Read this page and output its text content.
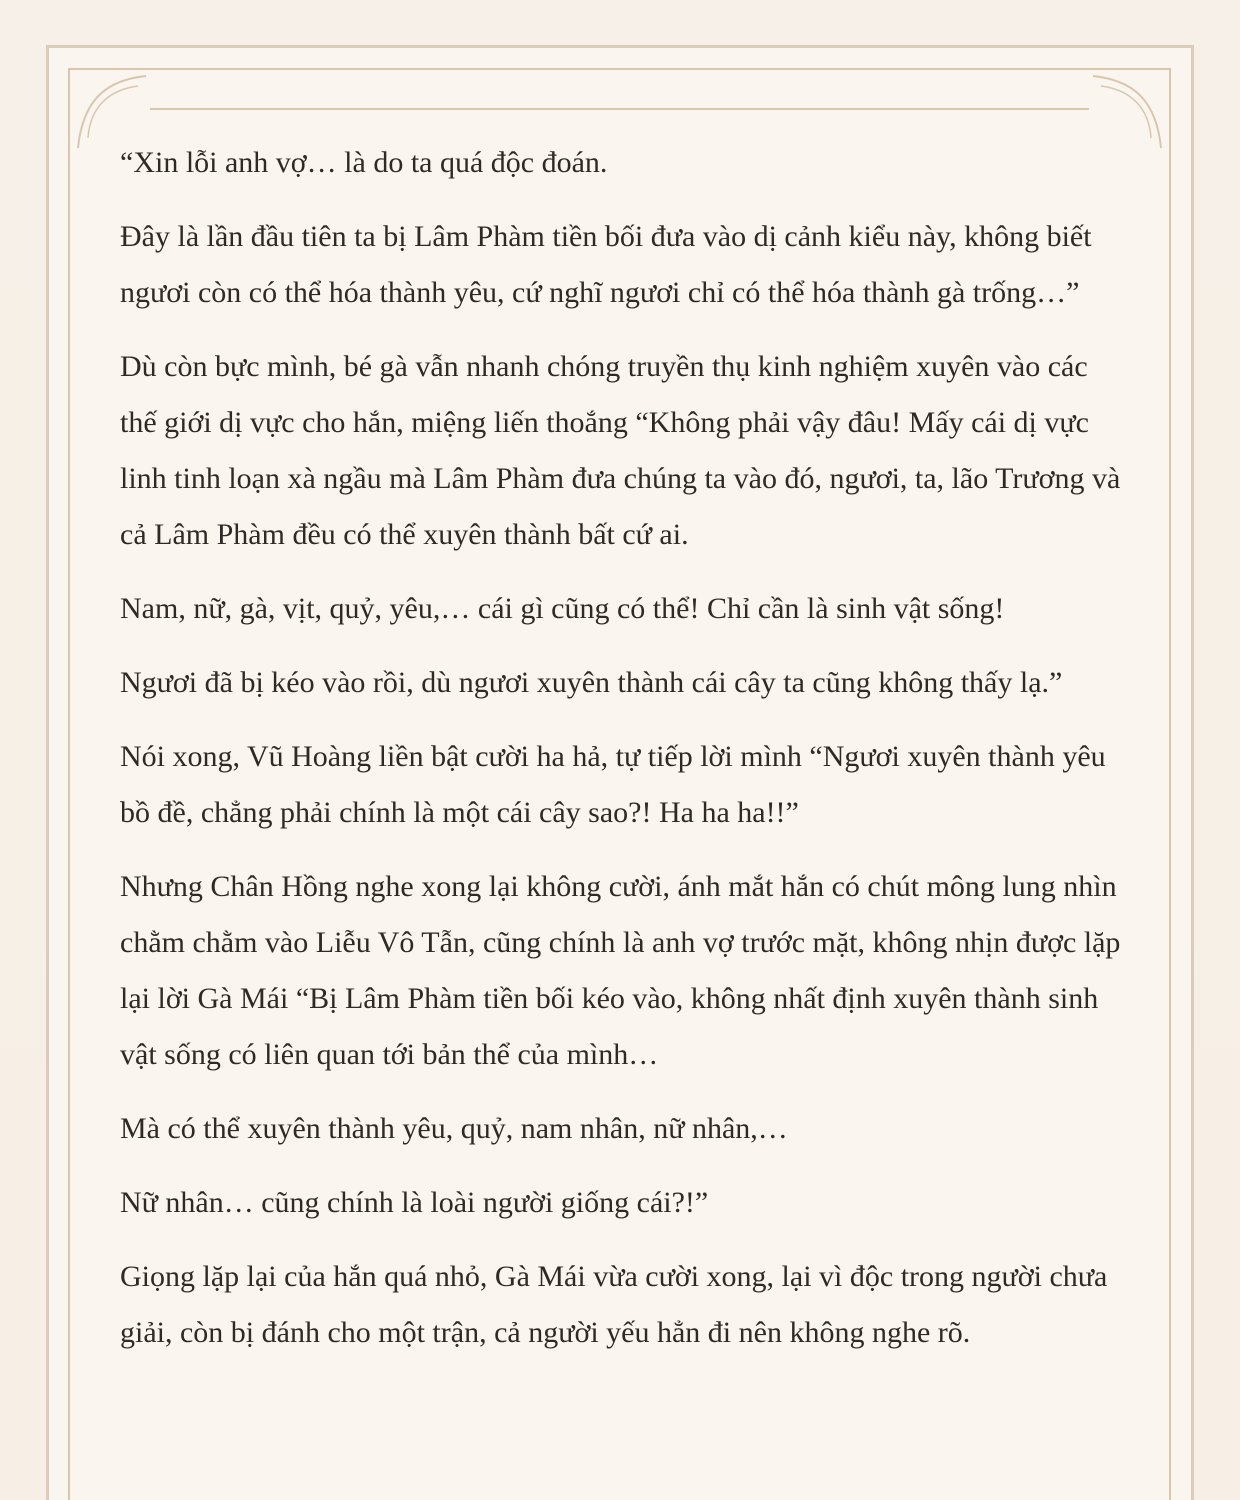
“Xin lỗi anh vợ… là do ta quá độc đoán.

Đây là lần đầu tiên ta bị Lâm Phàm tiền bối đưa vào dị cảnh kiểu này, không biết ngươi còn có thể hóa thành yêu, cứ nghĩ ngươi chỉ có thể hóa thành gà trống…”

Dù còn bực mình, bé gà vẫn nhanh chóng truyền thụ kinh nghiệm xuyên vào các thế giới dị vực cho hắn, miệng liến thoắng “Không phải vậy đâu! Mấy cái dị vực linh tinh loạn xà ngầu mà Lâm Phàm đưa chúng ta vào đó, ngươi, ta, lão Trương và cả Lâm Phàm đều có thể xuyên thành bất cứ ai.

Nam, nữ, gà, vịt, quỷ, yêu,… cái gì cũng có thể! Chỉ cần là sinh vật sống!

Ngươi đã bị kéo vào rồi, dù ngươi xuyên thành cái cây ta cũng không thấy lạ.”

Nói xong, Vũ Hoàng liền bật cười ha hả, tự tiếp lời mình “Ngươi xuyên thành yêu bồ đề, chẳng phải chính là một cái cây sao?! Ha ha ha!!”

Nhưng Chân Hồng nghe xong lại không cười, ánh mắt hắn có chút mông lung nhìn chằm chằm vào Liễu Vô Tẫn, cũng chính là anh vợ trước mặt, không nhịn được lặp lại lời Gà Mái “Bị Lâm Phàm tiền bối kéo vào, không nhất định xuyên thành sinh vật sống có liên quan tới bản thể của mình…

Mà có thể xuyên thành yêu, quỷ, nam nhân, nữ nhân,…

Nữ nhân… cũng chính là loài người giống cái?!”

Giọng lặp lại của hắn quá nhỏ, Gà Mái vừa cười xong, lại vì độc trong người chưa giải, còn bị đánh cho một trận, cả người yếu hẳn đi nên không nghe rõ.
